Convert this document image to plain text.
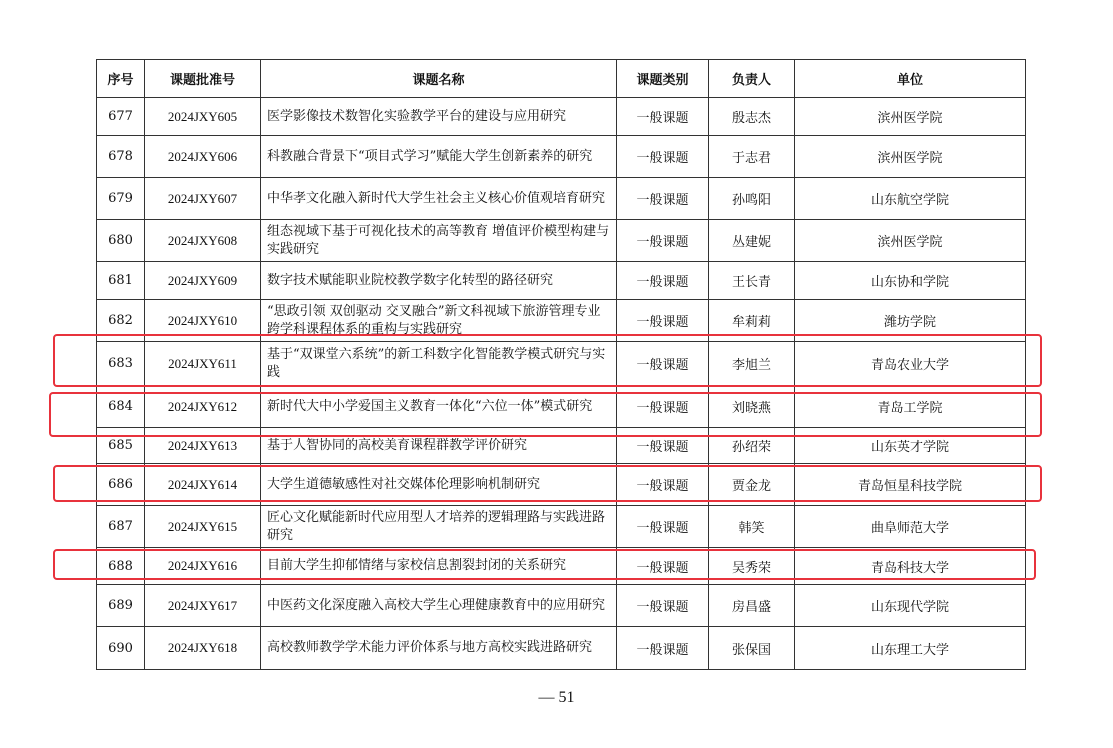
序号	课题批准号	课题名称	课题类别	负责人	单位
677	2024JXY605	医学影像技术数智化实验教学平台的建设与应用研究	一般课题	殷志杰	滨州医学院
678	2024JXY606	科教融合背景下“项目式学习”赋能大学生创新素养的研究	一般课题	于志君	滨州医学院
679	2024JXY607	中华孝文化融入新时代大学生社会主义核心价值观培育研究	一般课题	孙鸣阳	山东航空学院
680	2024JXY608	组态视域下基于可视化技术的高等教育 增值评价模型构建与实践研究	一般课题	丛建妮	滨州医学院
681	2024JXY609	数字技术赋能职业院校教学数字化转型的路径研究	一般课题	王长青	山东协和学院
682	2024JXY610	“思政引领 双创驱动 交叉融合”新文科视域下旅游管理专业跨学科课程体系的重构与实践研究	一般课题	牟莉莉	潍坊学院
683	2024JXY611	基于“双课堂六系统”的新工科数字化智能教学模式研究与实践	一般课题	李旭兰	青岛农业大学
684	2024JXY612	新时代大中小学爱国主义教育一体化“六位一体”模式研究	一般课题	刘晓燕	青岛工学院
685	2024JXY613	基于人智协同的高校美育课程群教学评价研究	一般课题	孙绍荣	山东英才学院
686	2024JXY614	大学生道德敏感性对社交媒体伦理影响机制研究	一般课题	贾金龙	青岛恒星科技学院
687	2024JXY615	匠心文化赋能新时代应用型人才培养的逻辑理路与实践进路研究	一般课题	韩笑	曲阜师范大学
688	2024JXY616	目前大学生抑郁情绪与家校信息割裂封闭的关系研究	一般课题	吴秀荣	青岛科技大学
689	2024JXY617	中医药文化深度融入高校大学生心理健康教育中的应用研究	一般课题	房昌盛	山东现代学院
690	2024JXY618	高校教师教学学术能力评价体系与地方高校实践进路研究	一般课题	张保国	山东理工大学
— 51
